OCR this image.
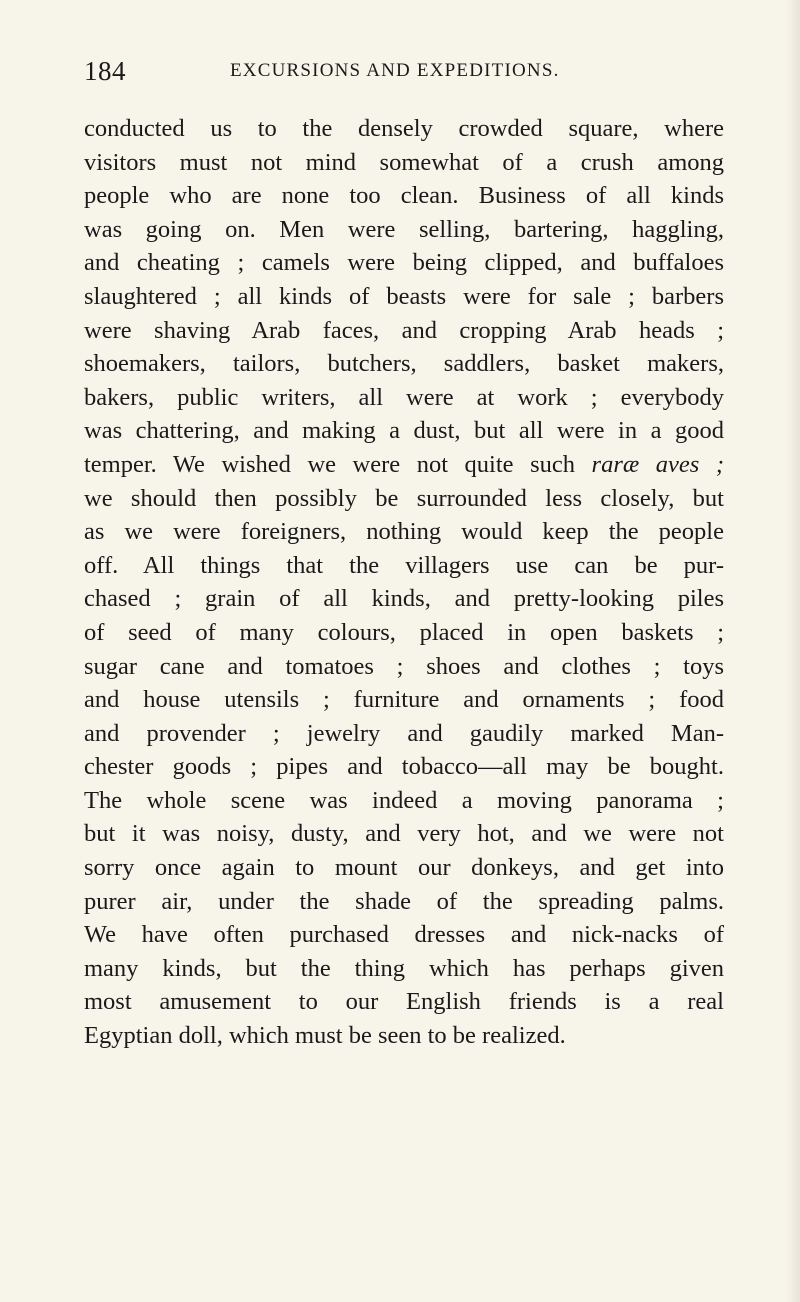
184	EXCURSIONS AND EXPEDITIONS.
conducted us to the densely crowded square, where
visitors must not mind somewhat of a crush among
people who are none too clean. Business of all kinds
was going on. Men were selling, bartering, haggling,
and cheating ; camels were being clipped, and buffaloes
slaughtered ; all kinds of beasts were for sale ; barbers
were shaving Arab faces, and cropping Arab heads ;
shoemakers, tailors, butchers, saddlers, basket makers,
bakers, public writers, all were at work ; everybody
was chattering, and making a dust, but all were in a good
temper. We wished we were not quite such raræ aves ;
we should then possibly be surrounded less closely, but
as we were foreigners, nothing would keep the people
off. All things that the villagers use can be pur-
chased ; grain of all kinds, and pretty-looking piles
of seed of many colours, placed in open baskets ;
sugar cane and tomatoes ; shoes and clothes ; toys
and house utensils ; furniture and ornaments ; food
and provender ; jewelry and gaudily marked Man-
chester goods ; pipes and tobacco—all may be bought.
The whole scene was indeed a moving panorama ;
but it was noisy, dusty, and very hot, and we were not
sorry once again to mount our donkeys, and get into
purer air, under the shade of the spreading palms.
We have often purchased dresses and nick-nacks of
many kinds, but the thing which has perhaps given
most amusement to our English friends is a real
Egyptian doll, which must be seen to be realized.
